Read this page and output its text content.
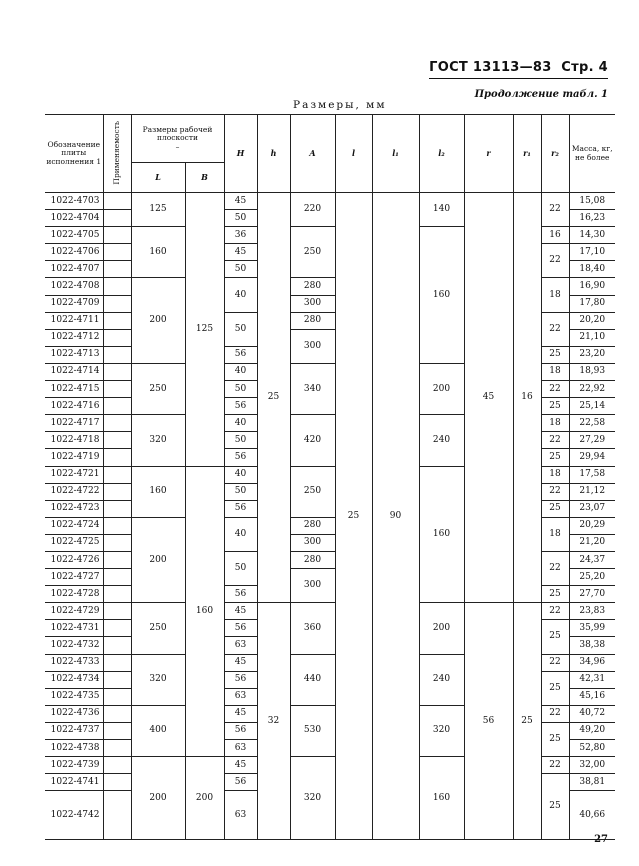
ГОСТ 13113—83 Стр. 4
Продолжение табл. 1
Размеры, мм
Обозначение плиты исполнения 1	Применяемость	Размеры рабочей плоскости
–		H	h	A	l	l₁	l₂	r	r₁	r₂	Масса, кг, не более
		L	B										
1022-4703		125	125	45	25	220	25	90	140	45	16	22	15,08
1022-4704				50									16,23
1022-4705		160		36		250			160			16	14,30
1022-4706				45								22	17,10
1022-4707				50									18,40
1022-4708		200		40		280						18	16,90
1022-4709						300							17,80
1022-4711				50		280						22	20,20
1022-4712						300							21,10
1022-4713				56								25	23,20
1022-4714		250		40		340			200			18	18,93
1022-4715				50								22	22,92
1022-4716				56								25	25,14
1022-4717		320		40		420			240			18	22,58
1022-4718				50								22	27,29
1022-4719				56								25	29,94
1022-4721		160	160	40		250			160			18	17,58
1022-4722				50								22	21,12
1022-4723				56								25	23,07
1022-4724		200		40		280						18	20,29
1022-4725						300							21,20
1022-4726				50		280						22	24,37
1022-4727						300							25,20
1022-4728				56								25	27,70
1022-4729		250		45	32	360			200	56	25	22	23,83
1022-4731				56								25	35,99
1022-4732				63									38,38
1022-4733		320		45		440			240			22	34,96
1022-4734				56								25	42,31
1022-4735				63									45,16
1022-4736		400		45		530			320			22	40,72
1022-4737				56								25	49,20
1022-4738				63									52,80
1022-4739		200	200	45		320			160			22	32,00
1022-4741				56								25	38,81
1022-4742				63									40,66
27
